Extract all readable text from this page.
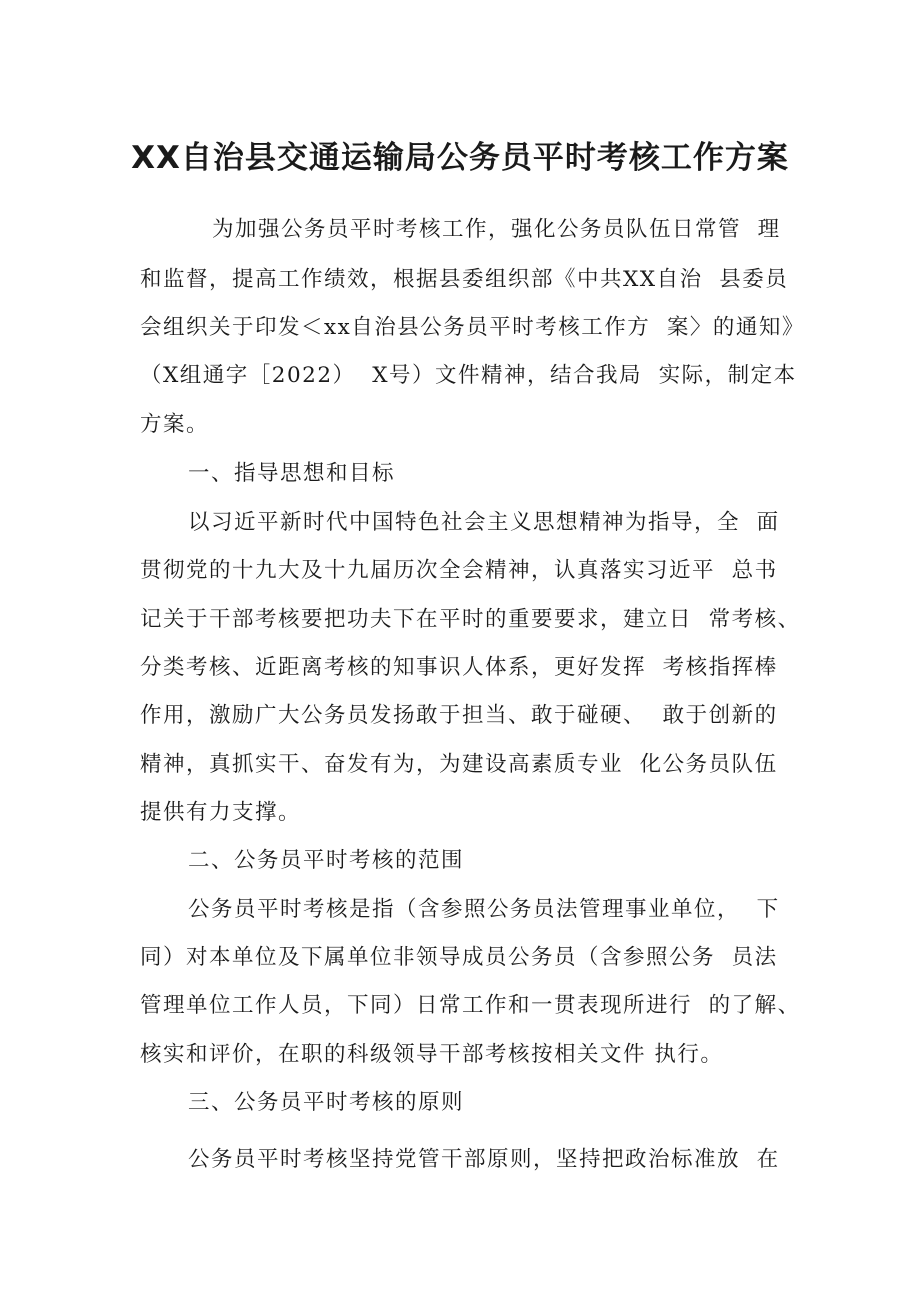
XX自治县交通运输局公务员平时考核工作方案

为加强公务员平时考核工作，强化公务员队伍日常管  理

和监督，提高工作绩效，根据县委组织部《中共XX自治  县委员

会组织关于印发＜xx自治县公务员平时考核工作方  案〉的通知》

（X组通字［2022）  X号）文件精神，结合我局  实际，制定本

方案。

一、指导思想和目标

以习近平新时代中国特色社会主义思想精神为指导，全  面

贯彻党的十九大及十九届历次全会精神，认真落实习近平  总书

记关于干部考核要把功夫下在平时的重要要求，建立日  常考核、

分类考核、近距离考核的知事识人体系，更好发挥  考核指挥棒

作用，激励广大公务员发扬敢于担当、敢于碰硬、  敢于创新的

精神，真抓实干、奋发有为，为建设高素质专业  化公务员队伍

提供有力支撑。

二、公务员平时考核的范围

公务员平时考核是指（含参照公务员法管理事业单位，  下

同）对本单位及下属单位非领导成员公务员（含参照公务  员法

管理单位工作人员，下同）日常工作和一贯表现所进行  的了解、

核实和评价，在职的科级领导干部考核按相关文件 执行。

三、公务员平时考核的原则

公务员平时考核坚持党管干部原则，坚持把政治标准放  在
